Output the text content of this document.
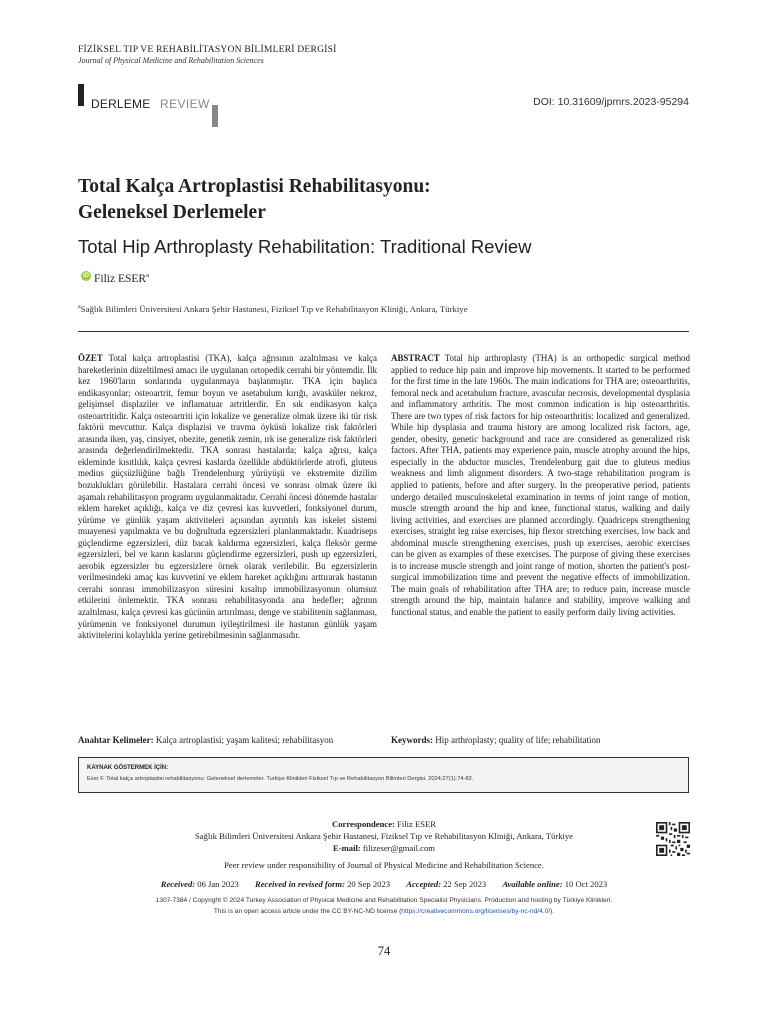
FİZİKSEL TIP VE REHABİLİTASYON BİLİMLERİ DERGİSİ
Journal of Physical Medicine and Rehabilitation Sciences
DERLEME REVIEW	DOI: 10.31609/jpmrs.2023-95294
Total Kalça Artroplastisi Rehabilitasyonu:
Geleneksel Derlemeler
Total Hip Arthroplasty Rehabilitation: Traditional Review
iD Filiz ESER$^a$
$^a$Sağlık Bilimleri Üniversitesi Ankara Şehir Hastanesi, Fiziksel Tıp ve Rehabilitasyon Kliniği, Ankara, Türkiye
ÖZET Total kalça artroplastisi (TKA), kalça ağrısının azaltılması ve kalça hareketlerinin düzeltilmesi amacı ile uygulanan ortopedik cerrahi bir yöntemdir. İlk kez 1960'ların sonlarında uygulanmaya başlanmıştır. TKA için başlıca endikasyonlar; osteoartrit, femur boyun ve asetabulum kırığı, avasküler nekroz, gelişimsel displaziler ve inflamatuar artritlerdir. En sık endikasyon kalça osteoartritidir. Kalça osteoartriti için lokalize ve generalize olmak üzere iki tür risk faktörü mevcuttur. Kalça displazisi ve travma öyküsü lokalize risk faktörleri arasında iken, yaş, cinsiyet, obezite, genetik zemin, ırk ise generalize risk faktörleri arasında değerlendirilmektedir. TKA sonrası hastalarda; kalça ağrısı, kalça ekleminde kısıtlılık, kalça çevresi kaslarda özellikle abdüktörlerde atrofi, gluteus medius güçsüzlüğüne bağlı Trendelenburg yürüyüşü ve ekstremite dizilim bozuklukları görülebilir. Hastalara cerrahi öncesi ve sonrası olmak üzere iki aşamalı rehabilitasyon programı uygulanmaktadır. Cerrahi öncesi dönemde hastalar eklem hareket açıklığı, kalça ve diz çevresi kas kuvvetleri, fonksiyonel durum, yürüme ve günlük yaşam aktiviteleri açısından ayrıntılı kas iskelet sistemi muayenesi yapılmakta ve bu doğrultuda egzersizleri planlanmaktadır. Kuadriseps güçlendirme egzersizleri, düz bacak kaldırma egzersizleri, kalça fleksör germe egzersizleri, bel ve karın kaslarını güçlendirme egzersizleri, push up egzersizleri, aerobik egzersizler bu egzersizlere örnek olarak verilebilir. Bu egzersizlerin verilmesindeki amaç kas kuvvetini ve eklem hareket açıklığını arttırarak hastanın cerrahi sonrası immobilizasyon süresini kısaltıp immobilizasyonun olumsuz etkilerini önlemektir. TKA sonrası rehabilitasyonda ana hedefler; ağrının azaltılması, kalça çevresi kas gücünün artırılması, denge ve stabilitenin sağlanması, yürümenin ve fonksiyonel durumun iyileştirilmesi ile hastanın günlük yaşam aktivitelerini kolaylıkla yerine getirebilmesinin sağlanmasıdır.
ABSTRACT Total hip arthroplasty (THA) is an orthopedic surgical method applied to reduce hip pain and improve hip movements. It started to be performed for the first time in the late 1960s. The main indications for THA are; osteoarthritis, femoral neck and acetabulum fracture, avascular necrosis, developmental dysplasia and inflammatory arthritis. The most common indication is hip osteoarthritis. There are two types of risk factors for hip osteoarthritis: localized and generalized. While hip dysplasia and trauma history are among localized risk factors, age, gender, obesity, genetic background and race are considered as generalized risk factors. After THA, patients may experience pain, muscle atrophy around the hips, especially in the abductor muscles, Trendelenburg gait due to gluteus medius weakness and limb alignment disorders. A two-stage rehabilitation program is applied to patients, before and after surgery. In the preoperative period, patients undergo detailed musculoskeletal examination in terms of joint range of motion, muscle strength around the hip and knee, functional status, walking and daily living activities, and exercises are planned accordingly. Quadriceps strengthening exercises, straight leg raise exercises, hip flexor stretching exercises, low back and abdominal muscle strengthening exercises, push up exercises, aerobic exercises can be given as examples of these exercises. The purpose of giving these exercises is to increase muscle strength and joint range of motion, shorten the patient's post-surgical immobilization time and prevent the negative effects of immobilization. The main goals of rehabilitation after THA are; to reduce pain, increase muscle strength around the hip, maintain balance and stability, improve walking and functional status, and enable the patient to easily perform daily living activities.
Anahtar Kelimeler: Kalça artroplastisi; yaşam kalitesi; rehabilitasyon	Keywords: Hip arthroplasty; quality of life; rehabilitation
KAYNAK GÖSTERMEK İÇİN:
Eser F. Total kalça artroplastisi rehabilitasyonu: Geleneksel derlemeler. Turkiye Klinikleri Fiziksel Tıp ve Rehabilitasyon Bilimleri Dergisi. 2024;27(1):74-82.
Correspondence: Filiz ESER
Sağlık Bilimleri Üniversitesi Ankara Şehir Hastanesi, Fiziksel Tıp ve Rehabilitasyon Kliniği, Ankara, Türkiye
E-mail: filizeser@gmail.com
Peer review under responsibility of Journal of Physical Medicine and Rehabilitation Science.
Received: 06 Jan 2023 Received in revised form: 20 Sep 2023 Accepted: 22 Sep 2023 Available online: 10 Oct 2023
1307-7384 / Copyright © 2024 Turkey Association of Physical Medicine and Rehabilitation Specialist Physicians. Production and hosting by Türkiye Klinikleri.
This is an open access article under the CC BY-NC-ND license (https://creativecommons.org/licenses/by-nc-nd/4.0/).
74
